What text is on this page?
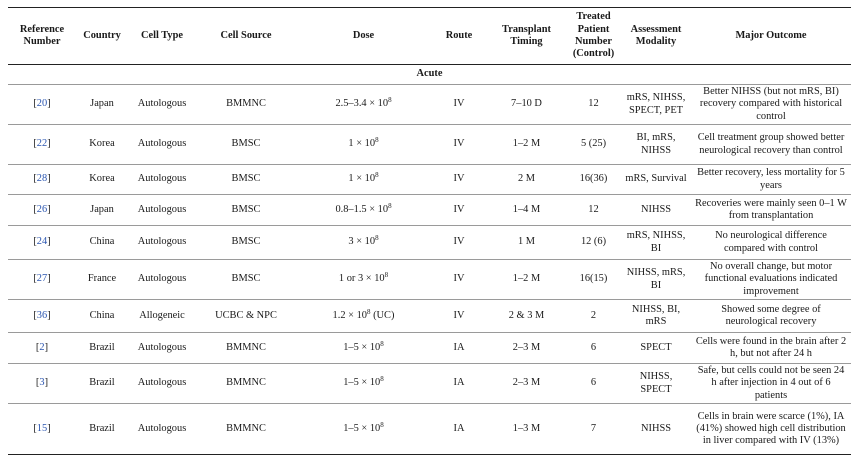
Reference Number	Country	Cell Type	Cell Source	Dose	Route	Transplant Timing	Treated Patient Number (Control)	Assessment Modality	Major Outcome
Acute									
[20]	Japan	Autologous	BMMNC	$2.5-3.4 \times 10^8$	IV	7–10 D	12	mRS, NIHSS, SPECT, PET	Better NIHSS (but not mRS, BI) recovery compared with historical control
[22]	Korea	Autologous	BMSC	$1 \times 10^8$	IV	1–2 M	5 (25)	BI, mRS, NIHSS	Cell treatment group showed better neurological recovery than control
[28]	Korea	Autologous	BMSC	$1 \times 10^8$	IV	2 M	16(36)	mRS, Survival	Better recovery, less mortality for 5 years
[26]	Japan	Autologous	BMSC	$0.8-1.5 \times 10^8$	IV	1–4 M	12	NIHSS	Recoveries were mainly seen 0–1 W from transplantation
[24]	China	Autologous	BMSC	$3 \times 10^8$	IV	1 M	12 (6)	mRS, NIHSS, BI	No neurological difference compared with control
[27]	France	Autologous	BMSC	1 or $3 \times 10^8$	IV	1–2 M	16(15)	NIHSS, mRS, BI	No overall change, but motor functional evaluations indicated improvement
[36]	China	Allogeneic	UCBC & NPC	$1.2 \times 10^8$ (UC)	IV	2 & 3 M	2	NIHSS, BI, mRS	Showed some degree of neurological recovery
[2]	Brazil	Autologous	BMMNC	$1-5 \times 10^8$	IA	2–3 M	6	SPECT	Cells were found in the brain after 2 h, but not after 24 h
[3]	Brazil	Autologous	BMMNC	$1-5 \times 10^8$	IA	2–3 M	6	NIHSS, SPECT	Safe, but cells could not be seen 24 h after injection in 4 out of 6 patients
[15]	Brazil	Autologous	BMMNC	$1-5 \times 10^8$	IA	1–3 M	7	NIHSS	Cells in brain were scarce (1%), IA (41%) showed high cell distribution in liver compared with IV (13%)
